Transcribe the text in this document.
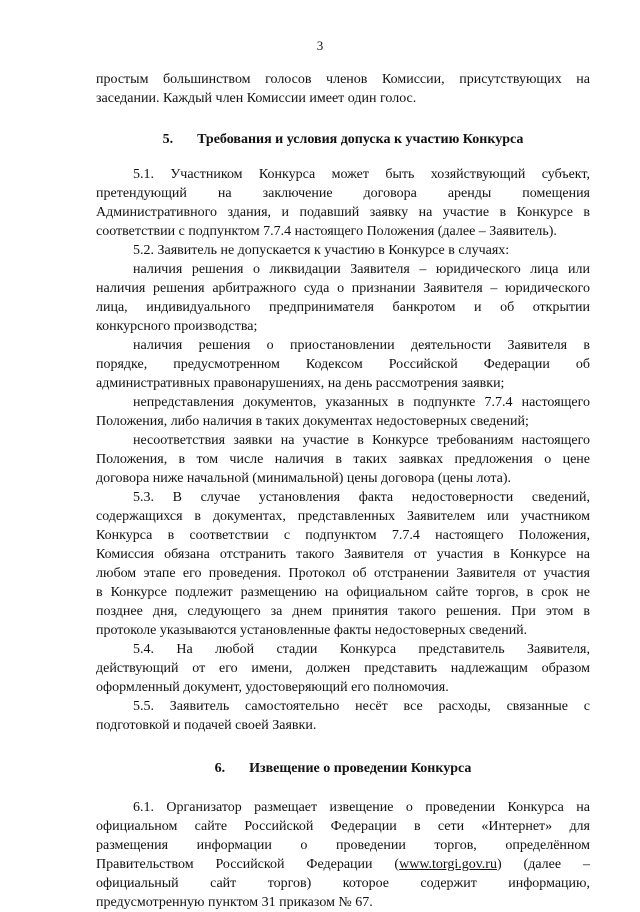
3

простым большинством голосов членов Комиссии, присутствующих на

заседании. Каждый член Комиссии имеет один голос.

5. Требования и условия допуска к участию Конкурса

5.1. Участником Конкурса может быть хозяйствующий субъект,

претендующий на заключение договора аренды помещения

Административного здания, и подавший заявку на участие в Конкурсе в

соответствии с подпунктом 7.7.4 настоящего Положения (далее – Заявитель).

5.2. Заявитель не допускается к участию в Конкурсе в случаях:

наличия решения о ликвидации Заявителя – юридического лица или

наличия решения арбитражного суда о признании Заявителя – юридического

лица, индивидуального предпринимателя банкротом и об открытии

конкурсного производства;

наличия решения о приостановлении деятельности Заявителя в

порядке, предусмотренном Кодексом Российской Федерации об

административных правонарушениях, на день рассмотрения заявки;

непредставления документов, указанных в подпункте 7.7.4 настоящего

Положения, либо наличия в таких документах недостоверных сведений;

несоответствия заявки на участие в Конкурсе требованиям настоящего

Положения, в том числе наличия в таких заявках предложения о цене

договора ниже начальной (минимальной) цены договора (цены лота).

5.3. В случае установления факта недостоверности сведений,

содержащихся в документах, представленных Заявителем или участником

Конкурса в соответствии с подпунктом 7.7.4 настоящего Положения,

Комиссия обязана отстранить такого Заявителя от участия в Конкурсе на

любом этапе его проведения. Протокол об отстранении Заявителя от участия

в Конкурсе подлежит размещению на официальном сайте торгов, в срок не

позднее дня, следующего за днем принятия такого решения. При этом в

протоколе указываются установленные факты недостоверных сведений.

5.4. На любой стадии Конкурса представитель Заявителя,

действующий от его имени, должен представить надлежащим образом

оформленный документ, удостоверяющий его полномочия.

5.5. Заявитель самостоятельно несёт все расходы, связанные с

подготовкой и подачей своей Заявки.

6. Извещение о проведении Конкурса

6.1. Организатор размещает извещение о проведении Конкурса на

официальном сайте Российской Федерации в сети «Интернет» для

размещения информации о проведении торгов, определённом

Правительством Российской Федерации (www.torgi.gov.ru) (далее –

официальный сайт торгов) которое содержит информацию,

предусмотренную пунктом 31 приказом № 67.
